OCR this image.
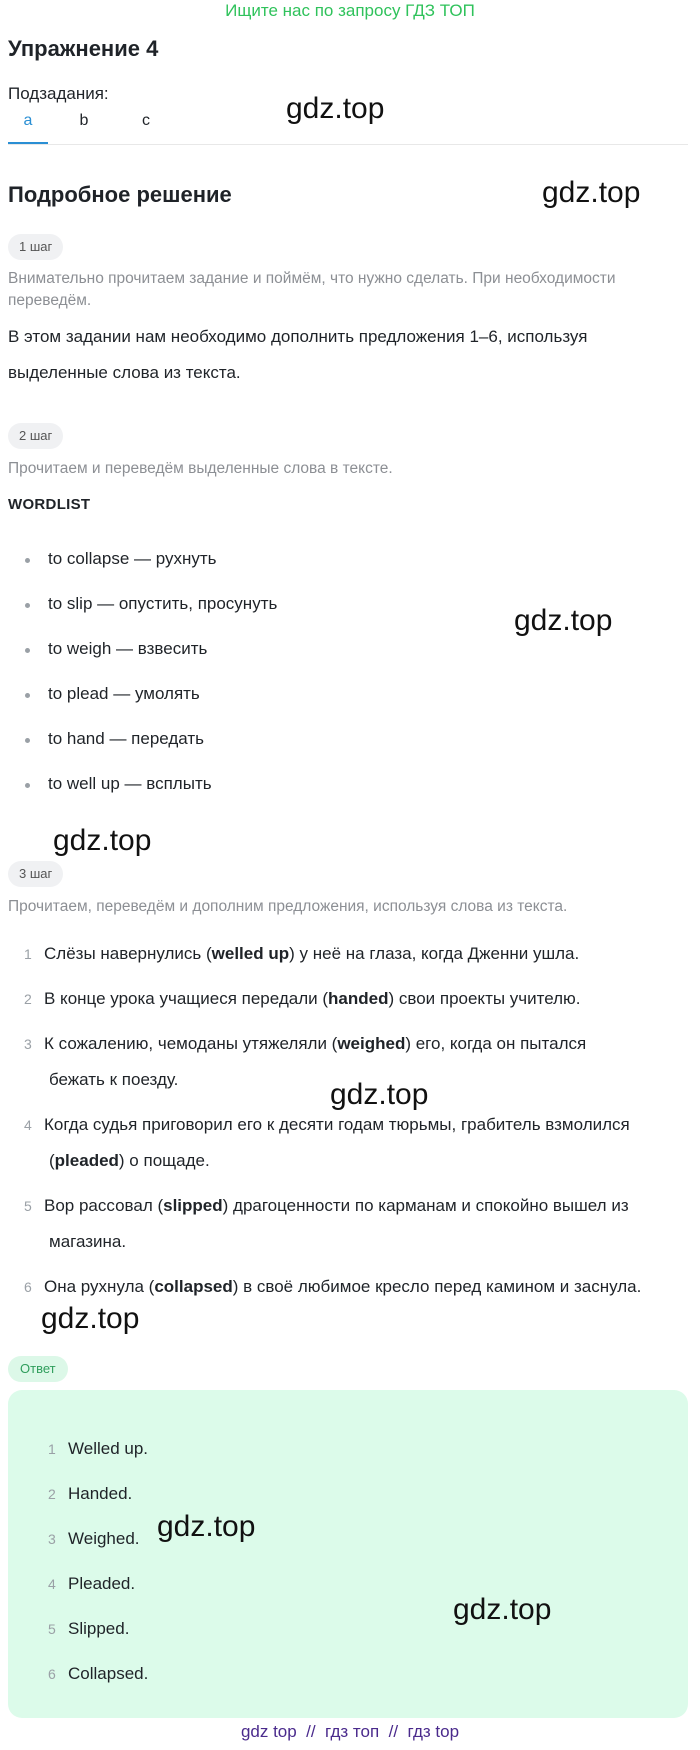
Ищите нас по запросу ГДЗ ТОП
Упражнение 4
Подзадания:
a	b	c
Подробное решение
1 шаг

Внимательно прочитаем задание и поймём, что нужно сделать. При необходимости переведём.

В этом задании нам необходимо дополнить предложения 1–6, используя выделенные слова из текста.

2 шаг

Прочитаем и переведём выделенные слова в тексте.

WORDLIST
to collapse — рухнуть
to slip — опустить, просунуть
to weigh — взвесить
to plead — умолять
to hand — передать
to well up — всплыть
3 шаг

Прочитаем, переведём и дополним предложения, используя слова из текста.

1 Слёзы навернулись (welled up) у неё на глаза, когда Дженни ушла.
2 В конце урока учащиеся передали (handed) свои проекты учителю.
3 К сожалению, чемоданы утяжеляли (weighed) его, когда он пытался
бежать к поезду.
4 Когда судья приговорил его к десяти годам тюрьмы, грабитель взмолился
(pleaded) о пощаде.
5 Вор рассовал (slipped) драгоценности по карманам и спокойно вышел из
магазина.
6 Она рухнула (collapsed) в своё любимое кресло перед камином и заснула.
Ответ
1 Welled up.
2 Handed.
3 Weighed.
4 Pleaded.
5 Slipped.
6 Collapsed.
gdz.top
gdz.top
gdz.top
gdz.top
gdz.top
gdz.top
gdz.top
gdz.top
gdz top  //  гдз топ  //  гдз top
